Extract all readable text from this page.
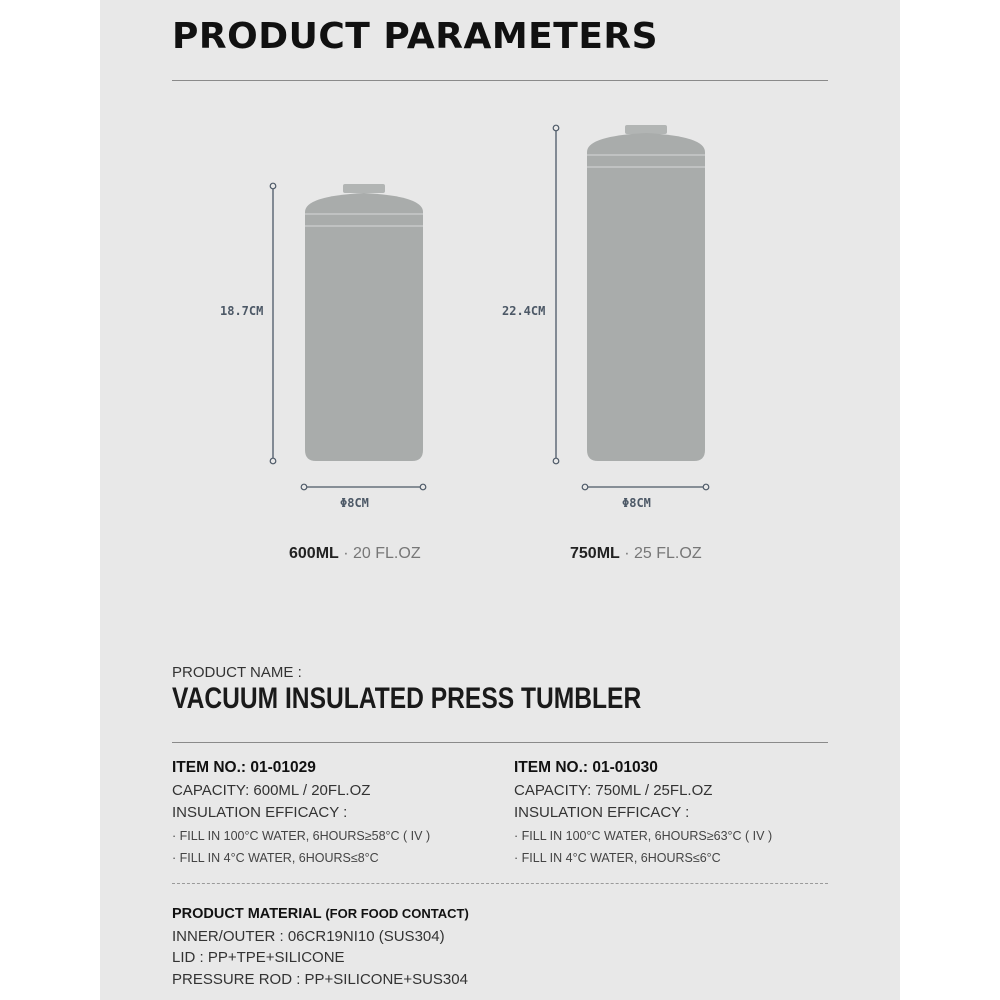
PRODUCT PARAMETERS
18.7CM
Φ8CM
22.4CM
Φ8CM
600ML · 20 FL.OZ	750ML · 25 FL.OZ
PRODUCT NAME :
VACUUM INSULATED PRESS TUMBLER
ITEM NO.: 01-01029
CAPACITY: 600ML / 20FL.OZ
INSULATION EFFICACY :
· FILL IN 100°C WATER, 6HOURS≥58°C ( IV )
· FILL IN 4°C WATER, 6HOURS≤8°C
ITEM NO.: 01-01030
CAPACITY: 750ML / 25FL.OZ
INSULATION EFFICACY :
· FILL IN 100°C WATER, 6HOURS≥63°C ( IV )
· FILL IN 4°C WATER, 6HOURS≤6°C
PRODUCT MATERIAL (FOR FOOD CONTACT)
INNER/OUTER : 06CR19NI10 (SUS304)
LID : PP+TPE+SILICONE
PRESSURE ROD : PP+SILICONE+SUS304
